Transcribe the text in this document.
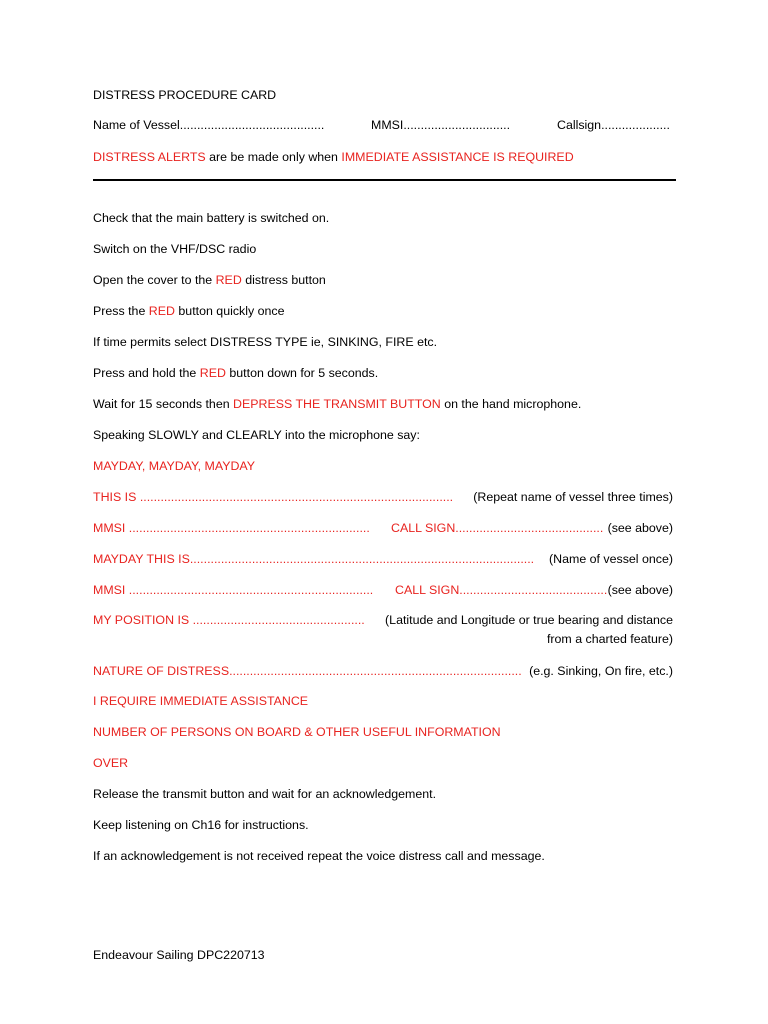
DISTRESS PROCEDURE CARD
Name of Vessel..........................................	MMSI...............................	Callsign....................
DISTRESS ALERTS are be made only when IMMEDIATE ASSISTANCE IS REQUIRED
Check that the main battery is switched on.
Switch on the VHF/DSC radio
Open the cover to the RED distress button
Press the RED button quickly once
If time permits select DISTRESS TYPE ie, SINKING, FIRE etc.
Press and hold the RED button down for 5 seconds.
Wait for 15 seconds then DEPRESS THE TRANSMIT BUTTON on the hand microphone.
Speaking SLOWLY and CLEARLY into the microphone say:
MAYDAY, MAYDAY, MAYDAY
THIS IS ........................................................................................... (Repeat name of vessel three times)
MMSI ...................................................................... CALL SIGN........................................... (see above)
MAYDAY THIS IS.................................................................................................... (Name of vessel once)
MMSI ....................................................................... CALL SIGN........................................... (see above)
MY POSITION IS .................................................. (Latitude and Longitude or true bearing and distance
from a charted feature)
NATURE OF DISTRESS..................................................................................... (e.g. Sinking, On fire, etc.)
I REQUIRE IMMEDIATE ASSISTANCE
NUMBER OF PERSONS ON BOARD & OTHER USEFUL INFORMATION
OVER
Release the transmit button and wait for an acknowledgement.
Keep listening on Ch16 for instructions.
If an acknowledgement is not received repeat the voice distress call and message.
Endeavour Sailing DPC220713
